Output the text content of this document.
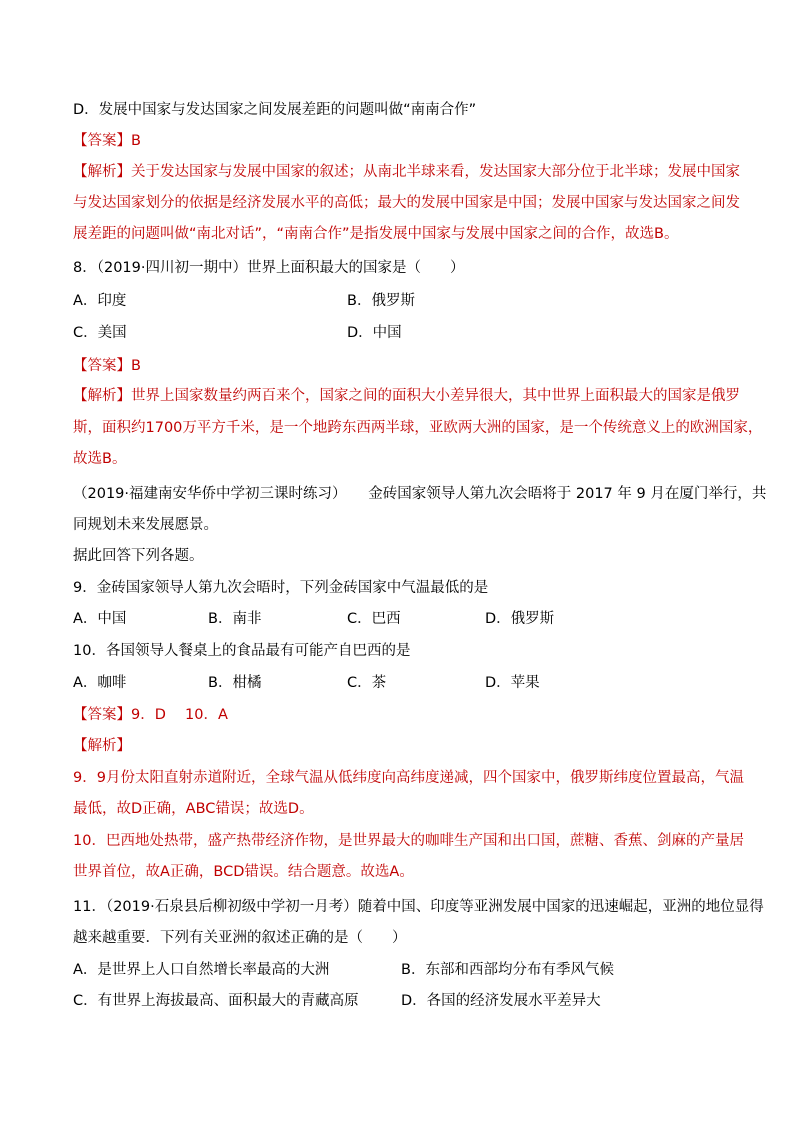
D．发展中国家与发达国家之间发展差距的问题叫做“南南合作”
【答案】B
【解析】关于发达国家与发展中国家的叙述；从南北半球来看，发达国家大部分位于北半球；发展中国家
与发达国家划分的依据是经济发展水平的高低；最大的发展中国家是中国；发展中国家与发达国家之间发
展差距的问题叫做“南北对话”，“南南合作”是指发展中国家与发展中国家之间的合作，故选B。
8．（2019·四川初一期中）世界上面积最大的国家是（　　）
A．印度	B．俄罗斯
C．美国	D．中国
【答案】B
【解析】世界上国家数量约两百来个，国家之间的面积大小差异很大，其中世界上面积最大的国家是俄罗
斯，面积约1700万平方千米，是一个地跨东西两半球，亚欧两大洲的国家，是一个传统意义上的欧洲国家，
故选B。
（2019·福建南安华侨中学初三课时练习）　　金砖国家领导人第九次会晤将于 2017 年 9 月在厦门举行，共
同规划未来发展愿景。
据此回答下列各题。
9．金砖国家领导人第九次会晤时，下列金砖国家中气温最低的是
A．中国	B．南非	C．巴西	D．俄罗斯
10．各国领导人餐桌上的食品最有可能产自巴西的是
A．咖啡	B．柑橘	C．茶	D．苹果
【答案】9．D　 10．A
【解析】
9．9月份太阳直射赤道附近，全球气温从低纬度向高纬度递减，四个国家中，俄罗斯纬度位置最高，气温
最低，故D正确，ABC错误；故选D。
10．巴西地处热带，盛产热带经济作物，是世界最大的咖啡生产国和出口国，蔗糖、香蕉、剑麻的产量居
世界首位，故A正确，BCD错误。结合题意。故选A。
11．（2019·石泉县后柳初级中学初一月考）随着中国、印度等亚洲发展中国家的迅速崛起，亚洲的地位显得
越来越重要．下列有关亚洲的叙述正确的是（　　）
A．是世界上人口自然增长率最高的大洲	B．东部和西部均分布有季风气候
C．有世界上海拔最高、面积最大的青藏高原	D．各国的经济发展水平差异大
